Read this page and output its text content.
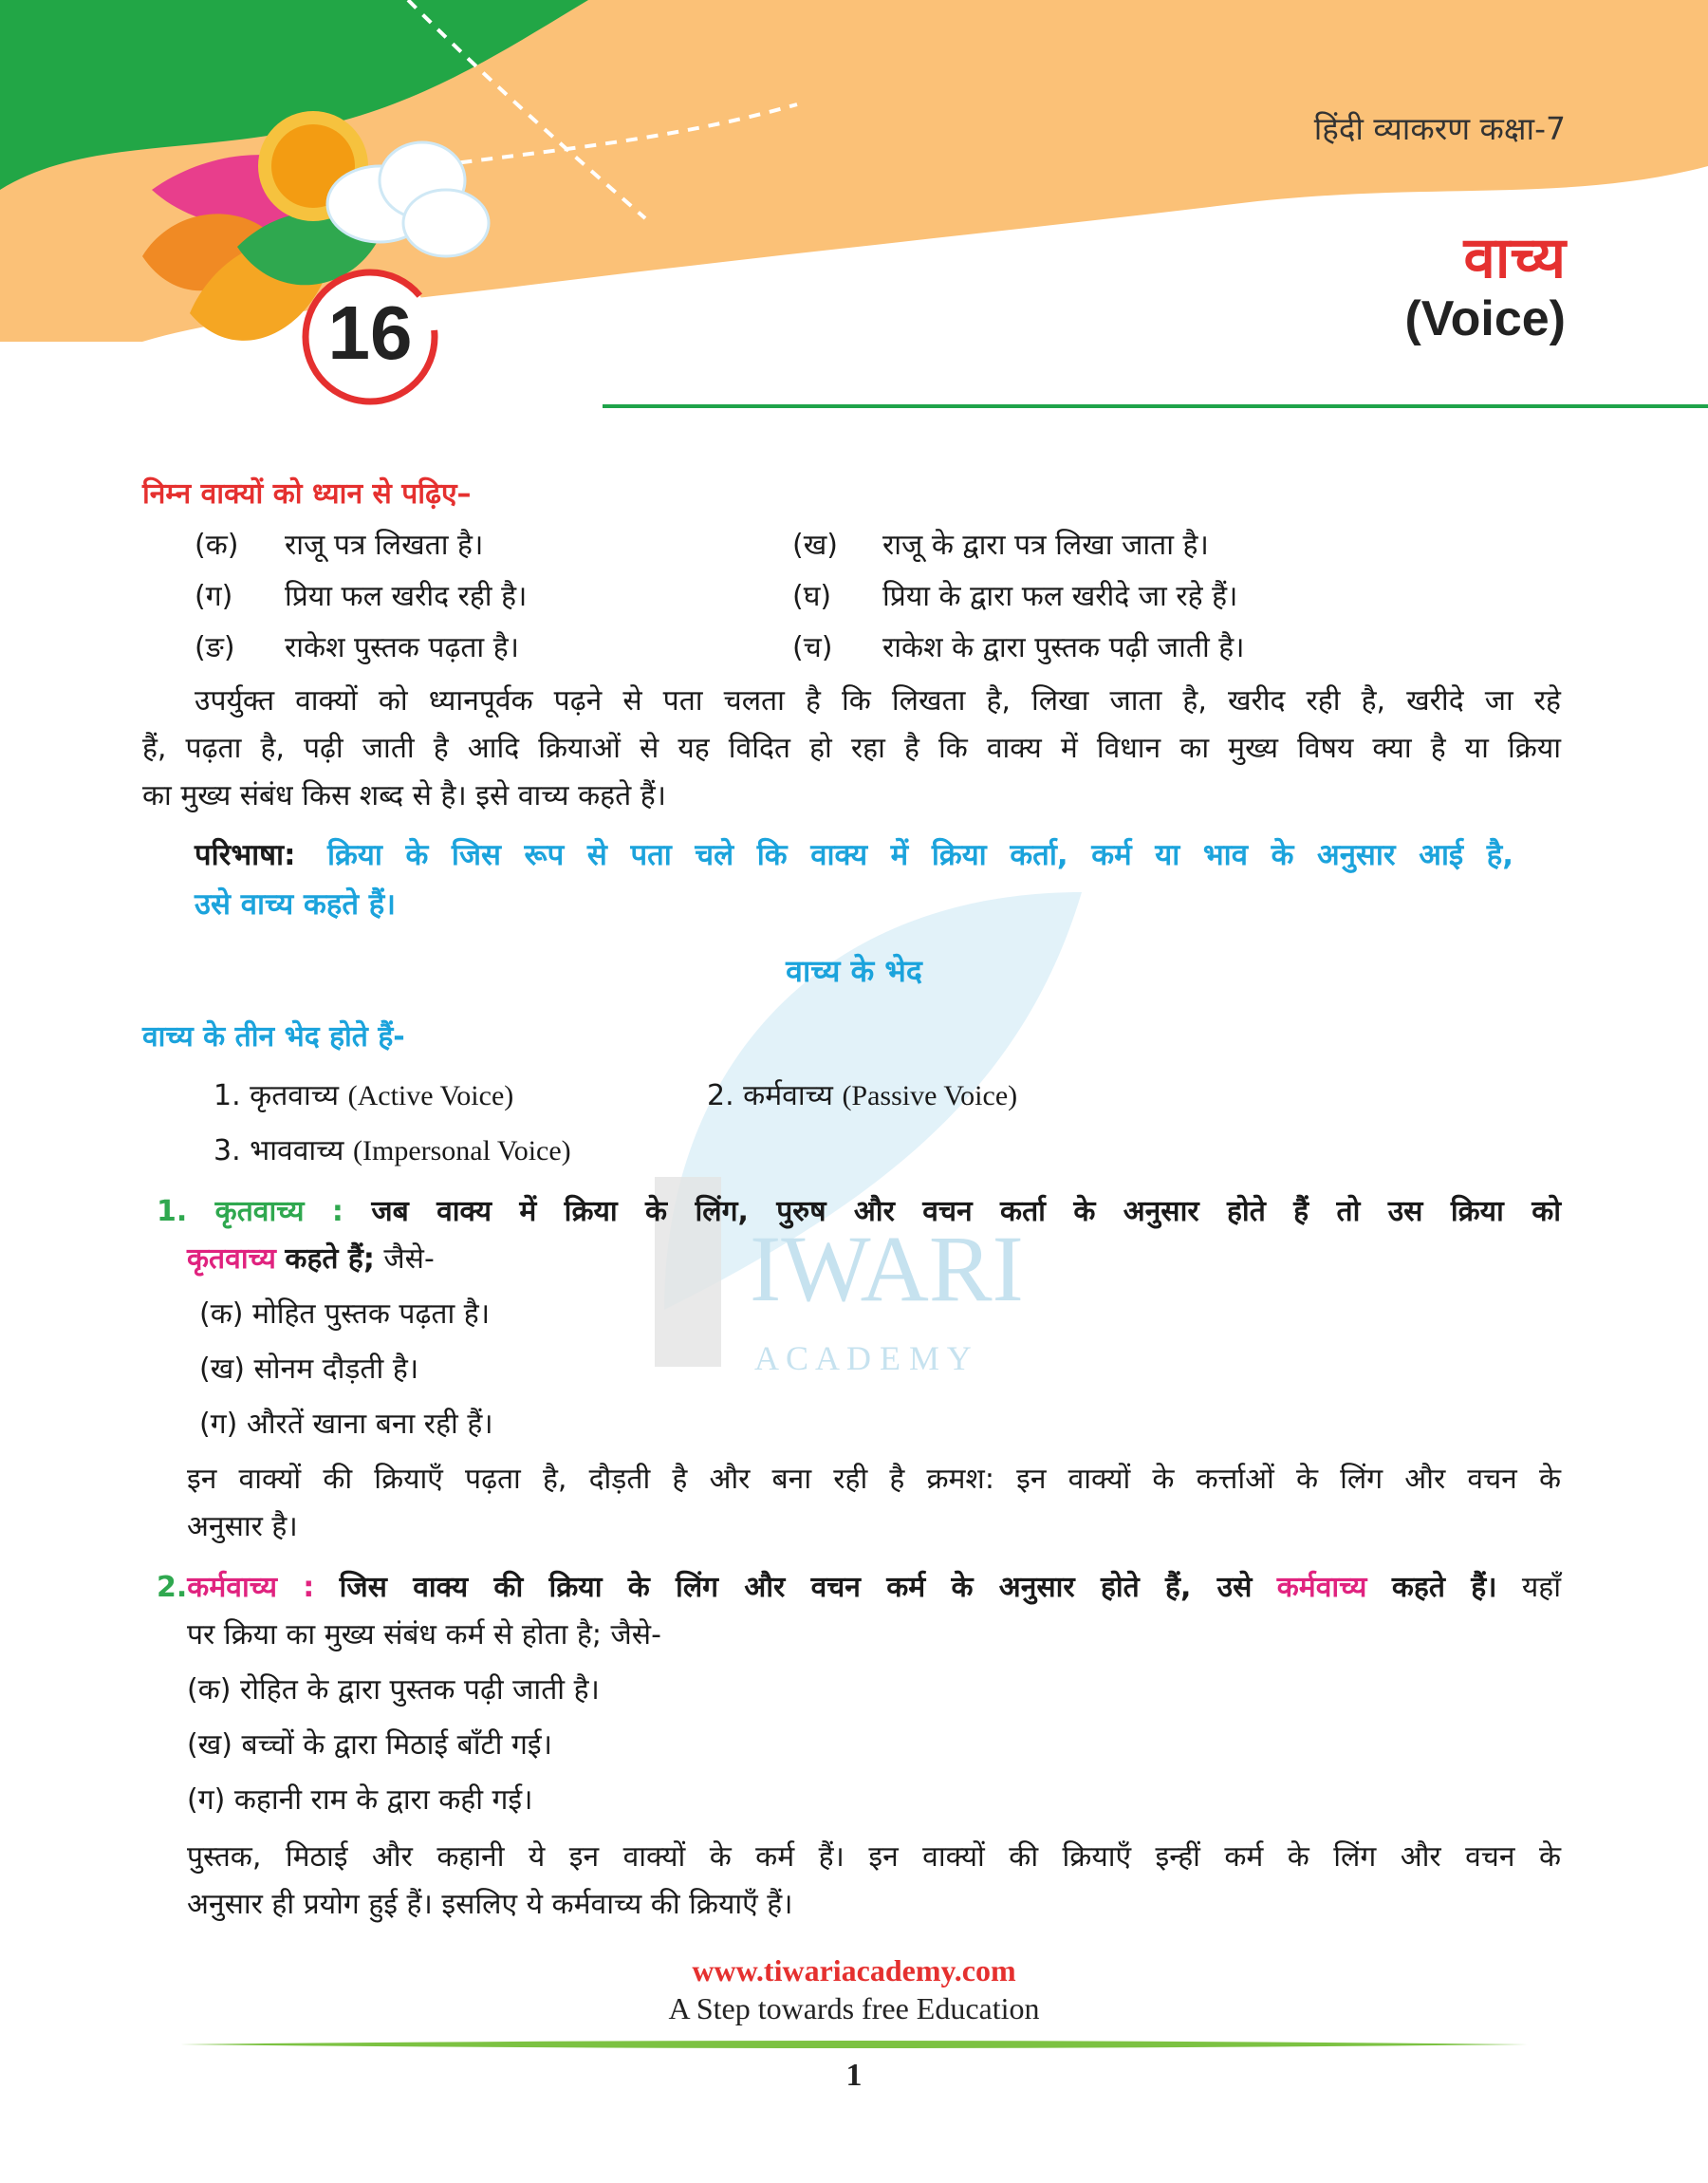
हिंदी व्याकरण कक्षा-7
वाच्य
(Voice)
16
IWARI
A C A D E M Y
निम्न वाक्यों को ध्यान से पढ़िए–
(क) राजू पत्र लिखता है।	(ख) राजू के द्वारा पत्र लिखा जाता है।
(ग) प्रिया फल खरीद रही है।	(घ) प्रिया के द्वारा फल खरीदे जा रहे हैं।
(ङ) राकेश पुस्तक पढ़ता है।	(च) राकेश के द्वारा पुस्तक पढ़ी जाती है।
उपर्युक्त वाक्यों को ध्यानपूर्वक पढ़ने से पता चलता है कि लिखता है, लिखा जाता है, खरीद रही है, खरीदे जा रहे
हैं, पढ़ता है, पढ़ी जाती है आदि क्रियाओं से यह विदित हो रहा है कि वाक्य में विधान का मुख्य विषय क्या है या क्रिया
का मुख्य संबंध किस शब्द से है। इसे वाच्य कहते हैं।
परिभाषा: क्रिया के जिस रूप से पता चले कि वाक्य में क्रिया कर्ता, कर्म या भाव के अनुसार आई है,
उसे वाच्य कहते हैं।
वाच्य के भेद
वाच्य के तीन भेद होते हैं-
1. कृतवाच्य (Active Voice)	2. कर्मवाच्य (Passive Voice)
3. भाववाच्य (Impersonal Voice)
1. कृतवाच्य : जब वाक्य में क्रिया के लिंग, पुरुष और वचन कर्ता के अनुसार होते हैं तो उस क्रिया को
कृतवाच्य कहते हैं; जैसे-
(क) मोहित पुस्तक पढ़ता है।
(ख) सोनम दौड़ती है।
(ग) औरतें खाना बना रही हैं।
इन वाक्यों की क्रियाएँ पढ़ता है, दौड़ती है और बना रही है क्रमश: इन वाक्यों के कर्त्ताओं के लिंग और वचन के
अनुसार है।
2.कर्मवाच्य : जिस वाक्य की क्रिया के लिंग और वचन कर्म के अनुसार होते हैं, उसे कर्मवाच्य कहते हैं। यहाँ
पर क्रिया का मुख्य संबंध कर्म से होता है; जैसे-
(क) रोहित के द्वारा पुस्तक पढ़ी जाती है।
(ख) बच्चों के द्वारा मिठाई बाँटी गई।
(ग) कहानी राम के द्वारा कही गई।
पुस्तक, मिठाई और कहानी ये इन वाक्यों के कर्म हैं। इन वाक्यों की क्रियाएँ इन्हीं कर्म के लिंग और वचन के
अनुसार ही प्रयोग हुई हैं। इसलिए ये कर्मवाच्य की क्रियाएँ हैं।
www.tiwariacademy.com
A Step towards free Education
1
